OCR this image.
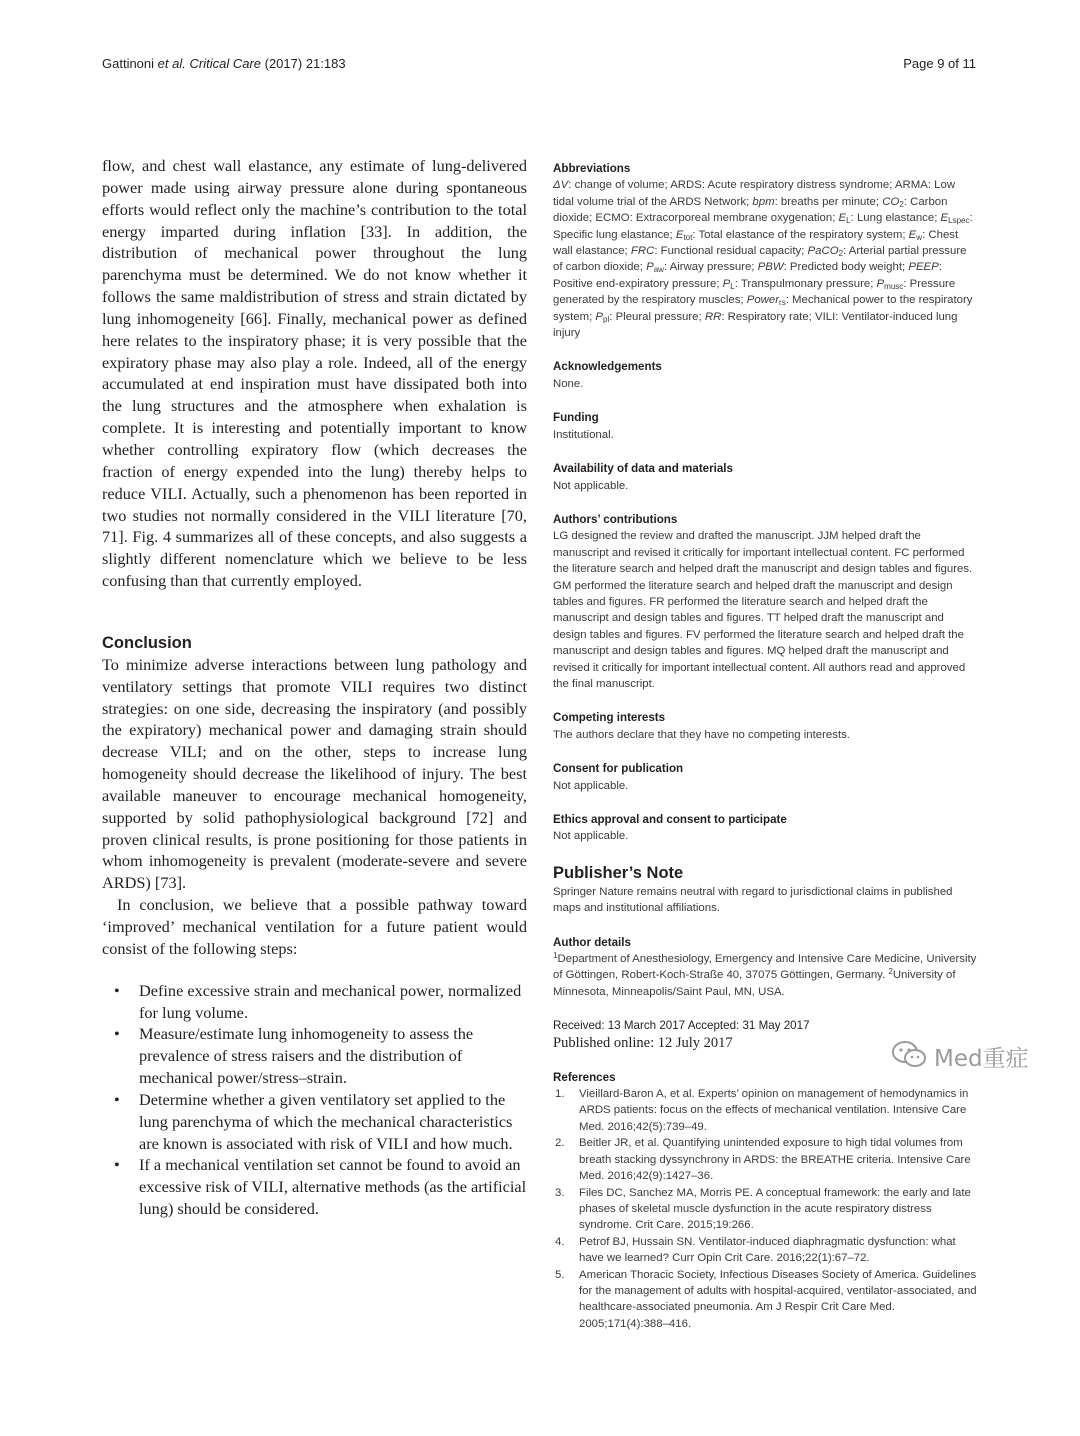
Gattinoni et al. Critical Care (2017) 21:183	Page 9 of 11

flow, and chest wall elastance, any estimate of lung-delivered power made using airway pressure alone during spontaneous efforts would reflect only the machine’s contribution to the total energy imparted during inflation [33]. In addition, the distribution of mechanical power throughout the lung parenchyma must be determined. We do not know whether it follows the same maldistribution of stress and strain dictated by lung inhomogeneity [66]. Finally, mechanical power as defined here relates to the inspiratory phase; it is very possible that the expiratory phase may also play a role. Indeed, all of the energy accumulated at end inspiration must have dissipated both into the lung structures and the atmosphere when exhalation is complete. It is interesting and potentially important to know whether controlling expiratory flow (which decreases the fraction of energy expended into the lung) thereby helps to reduce VILI. Actually, such a phenomenon has been reported in two studies not normally considered in the VILI literature [70, 71]. Fig. 4 summarizes all of these concepts, and also suggests a slightly different nomenclature which we believe to be less confusing than that currently employed.

Conclusion

To minimize adverse interactions between lung pathology and ventilatory settings that promote VILI requires two distinct strategies: on one side, decreasing the inspiratory (and possibly the expiratory) mechanical power and damaging strain should decrease VILI; and on the other, steps to increase lung homogeneity should decrease the likelihood of injury. The best available maneuver to encourage mechanical homogeneity, supported by solid pathophysiological background [72] and proven clinical results, is prone positioning for those patients in whom inhomogeneity is prevalent (moderate-severe and severe ARDS) [73].

In conclusion, we believe that a possible pathway toward ‘improved’ mechanical ventilation for a future patient would consist of the following steps:

• Define excessive strain and mechanical power, normalized for lung volume.
• Measure/estimate lung inhomogeneity to assess the prevalence of stress raisers and the distribution of mechanical power/stress–strain.
• Determine whether a given ventilatory set applied to the lung parenchyma of which the mechanical characteristics are known is associated with risk of VILI and how much.
• If a mechanical ventilation set cannot be found to avoid an excessive risk of VILI, alternative methods (as the artificial lung) should be considered.
Abbreviations

ΔV: change of volume; ARDS: Acute respiratory distress syndrome; ARMA: Low tidal volume trial of the ARDS Network; bpm: breaths per minute; $CO_2$: Carbon dioxide; ECMO: Extracorporeal membrane oxygenation; $E_L$: Lung elastance; $E_{Lspec}$: Specific lung elastance; $E_{tot}$: Total elastance of the respiratory system; $E_w$: Chest wall elastance; FRC: Functional residual capacity; PaCO$_2$: Arterial partial pressure of carbon dioxide; $P_{aw}$: Airway pressure; PBW: Predicted body weight; PEEP: Positive end-expiratory pressure; $P_L$: Transpulmonary pressure; $P_{musc}$: Pressure generated by the respiratory muscles; Power$_{rs}$: Mechanical power to the respiratory system; $P_{pl}$: Pleural pressure; RR: Respiratory rate; VILI: Ventilator-induced lung injury

Acknowledgements

None.

Funding

Institutional.

Availability of data and materials

Not applicable.

Authors’ contributions

LG designed the review and drafted the manuscript. JJM helped draft the manuscript and revised it critically for important intellectual content. FC performed the literature search and helped draft the manuscript and design tables and figures. GM performed the literature search and helped draft the manuscript and design tables and figures. FR performed the literature search and helped draft the manuscript and design tables and figures. TT helped draft the manuscript and design tables and figures. FV performed the literature search and helped draft the manuscript and design tables and figures. MQ helped draft the manuscript and revised it critically for important intellectual content. All authors read and approved the final manuscript.

Competing interests

The authors declare that they have no competing interests.

Consent for publication

Not applicable.

Ethics approval and consent to participate

Not applicable.

Publisher’s Note

Springer Nature remains neutral with regard to jurisdictional claims in published maps and institutional affiliations.

Author details

$^1$Department of Anesthesiology, Emergency and Intensive Care Medicine, University of Göttingen, Robert-Koch-Straße 40, 37075 Göttingen, Germany. $^2$University of Minnesota, Minneapolis/Saint Paul, MN, USA.

Received: 13 March 2017 Accepted: 31 May 2017
Published online: 12 July 2017
References
1. Vieillard-Baron A, et al. Experts’ opinion on management of hemodynamics in ARDS patients: focus on the effects of mechanical ventilation. Intensive Care Med. 2016;42(5):739–49.
2. Beitler JR, et al. Quantifying unintended exposure to high tidal volumes from breath stacking dyssynchrony in ARDS: the BREATHE criteria. Intensive Care Med. 2016;42(9):1427–36.
3. Files DC, Sanchez MA, Morris PE. A conceptual framework: the early and late phases of skeletal muscle dysfunction in the acute respiratory distress syndrome. Crit Care. 2015;19:266.
4. Petrof BJ, Hussain SN. Ventilator-induced diaphragmatic dysfunction: what have we learned? Curr Opin Crit Care. 2016;22(1):67–72.
5. American Thoracic Society, Infectious Diseases Society of America. Guidelines for the management of adults with hospital-acquired, ventilator-associated, and healthcare-associated pneumonia. Am J Respir Crit Care Med. 2005;171(4):388–416.
Med重症
